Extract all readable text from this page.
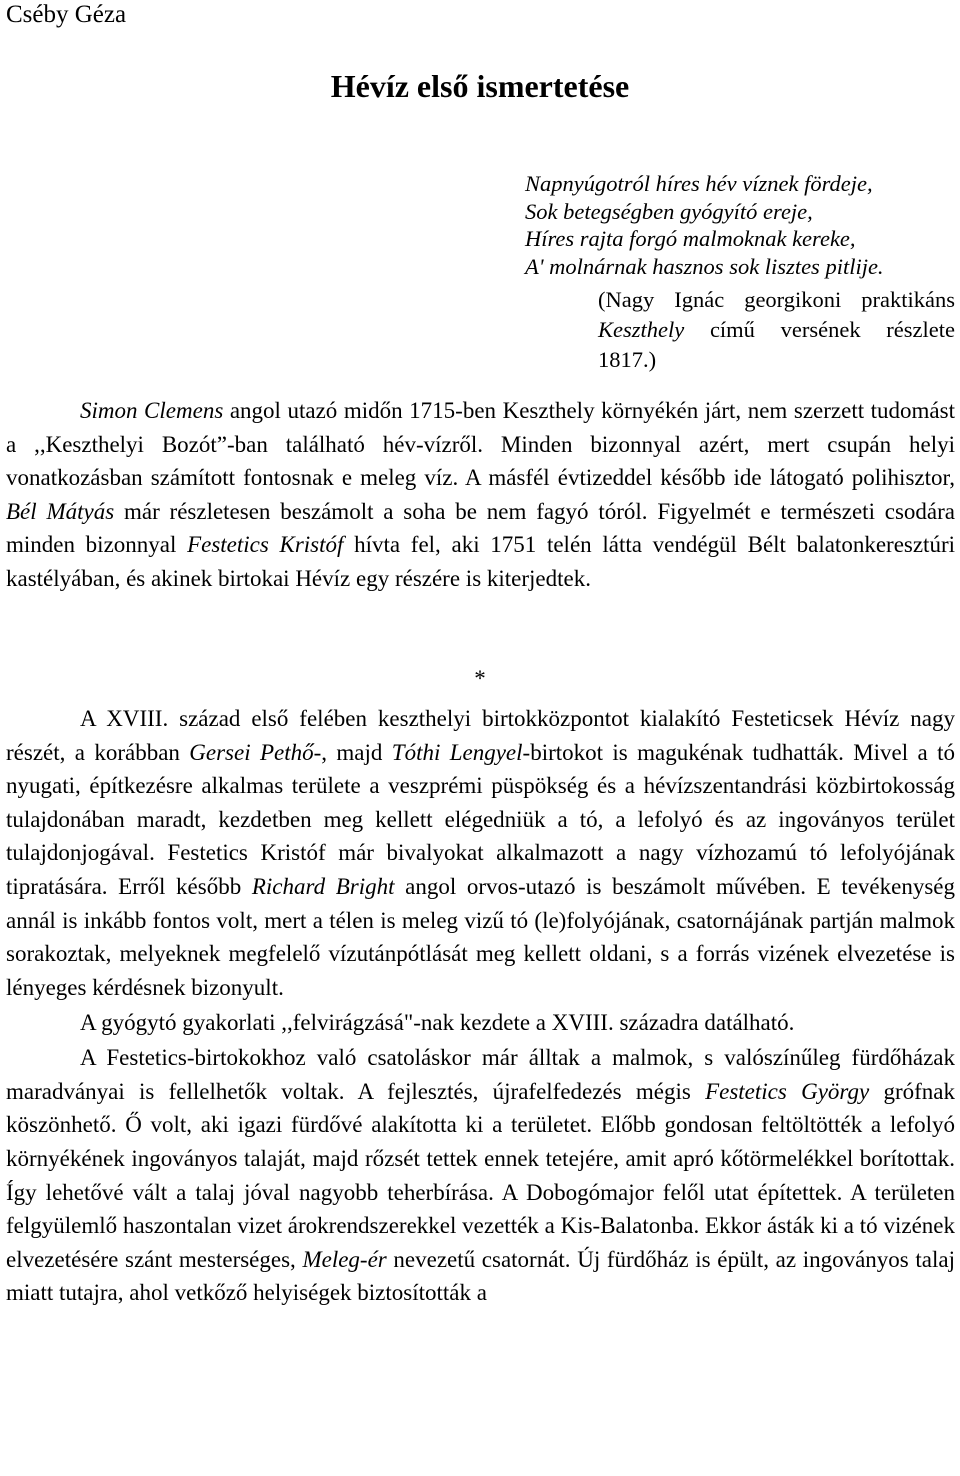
Cséby Géza
Hévíz első ismertetése
Napnyúgotról híres hév víznek fördeje,
Sok betegségben gyógyító ereje,
Híres rajta forgó malmoknak kereke,
A' molnárnak hasznos sok lisztes pitlije.
(Nagy Ignác georgikoni praktikáns Keszthely című versének részlete 1817.)

Simon Clemens angol utazó midőn 1715-ben Keszthely környékén járt, nem szerzett tudomást a ,,Keszthelyi Bozót”-ban található hév-vízről. Minden bizonnyal azért, mert csupán helyi vonatkozásban számított fontosnak e meleg víz. A másfél évtizeddel később ide látogató polihisztor, Bél Mátyás már részletesen beszámolt a soha be nem fagyó tóról. Figyelmét e természeti csodára minden bizonnyal Festetics Kristóf hívta fel, aki 1751 telén látta vendégül Bélt balatonkeresztúri kastélyában, és akinek birtokai Hévíz egy részére is kiterjedtek.

*

A XVIII. század első felében keszthelyi birtokközpontot kialakító Festeticsek Hévíz nagy részét, a korábban Gersei Pethő-, majd Tóthi Lengyel-birtokot is magukénak tudhatták. Mivel a tó nyugati, építkezésre alkalmas területe a veszprémi püspökség és a hévízszentandrási közbirtokosság tulajdonában maradt, kezdetben meg kellett elégedniük a tó, a lefolyó és az ingoványos terület tulajdonjogával. Festetics Kristóf már bivalyokat alkalmazott a nagy vízhozamú tó lefolyójának tipratására. Erről később Richard Bright angol orvos-utazó is beszámolt művében. E tevékenység annál is inkább fontos volt, mert a télen is meleg vizű tó (le)folyójának, csatornájának partján malmok sorakoztak, melyeknek megfelelő vízutánpótlását meg kellett oldani, s a forrás vizének elvezetése is lényeges kérdésnek bizonyult.

A gyógytó gyakorlati ,,felvirágzásá"-nak kezdete a XVIII. századra datálható.

A Festetics-birtokokhoz való csatoláskor már álltak a malmok, s valószínűleg fürdőházak maradványai is fellelhetők voltak. A fejlesztés, újrafelfedezés mégis Festetics György grófnak köszönhető. Ő volt, aki igazi fürdővé alakította ki a területet. Előbb gondosan feltöltötték a lefolyó környékének ingoványos talaját, majd rőzsét tettek ennek tetejére, amit apró kőtörmelékkel borítottak. Így lehetővé vált a talaj jóval nagyobb teherbírása. A Dobogómajor felől utat építettek. A területen felgyülemlő haszontalan vizet árokrendszerekkel vezették a Kis-Balatonba. Ekkor ásták ki a tó vizének elvezetésére szánt mesterséges, Meleg-ér nevezetű csatornát. Új fürdőház is épült, az ingoványos talaj miatt tutajra, ahol vetkőző helyiségek biztosították a
